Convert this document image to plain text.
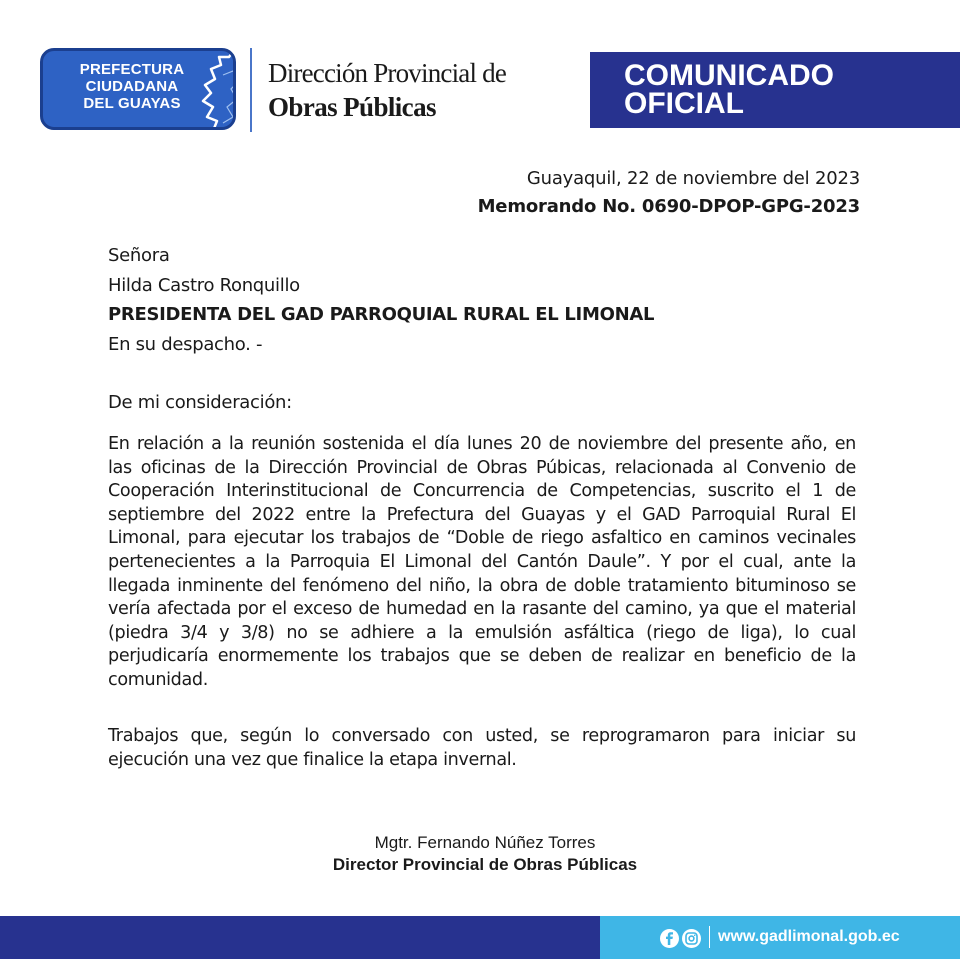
PREFECTURA
CIUDADANA
DEL GUAYAS
Dirección Provincial de
Obras Públicas
COMUNICADO
OFICIAL
Guayaquil, 22 de noviembre del 2023
Memorando No. 0690-DPOP-GPG-2023
Señora
Hilda Castro Ronquillo
PRESIDENTA DEL GAD PARROQUIAL RURAL EL LIMONAL
En su despacho. -
De mi consideración:
En relación a la reunión sostenida el día lunes 20 de noviembre del presente año, en
las oficinas de la Dirección Provincial de Obras Púbicas, relacionada al Convenio de
Cooperación Interinstitucional de Concurrencia de Competencias, suscrito el 1 de
septiembre del 2022 entre la Prefectura del Guayas y el GAD Parroquial Rural El
Limonal, para ejecutar los trabajos de “Doble de riego asfaltico en caminos vecinales
pertenecientes a la Parroquia El Limonal del Cantón Daule”. Y por el cual, ante la
llegada inminente del fenómeno del niño, la obra de doble tratamiento bituminoso se
vería afectada por el exceso de humedad en la rasante del camino, ya que el material
(piedra 3/4 y 3/8) no se adhiere a la emulsión asfáltica (riego de liga), lo cual
perjudicaría enormemente los trabajos que se deben de realizar en beneficio de la
comunidad.
Trabajos que, según lo conversado con usted, se reprogramaron para iniciar su
ejecución una vez que finalice la etapa invernal.
Mgtr. Fernando Núñez Torres
Director Provincial de Obras Públicas
www.gadlimonal.gob.ec
